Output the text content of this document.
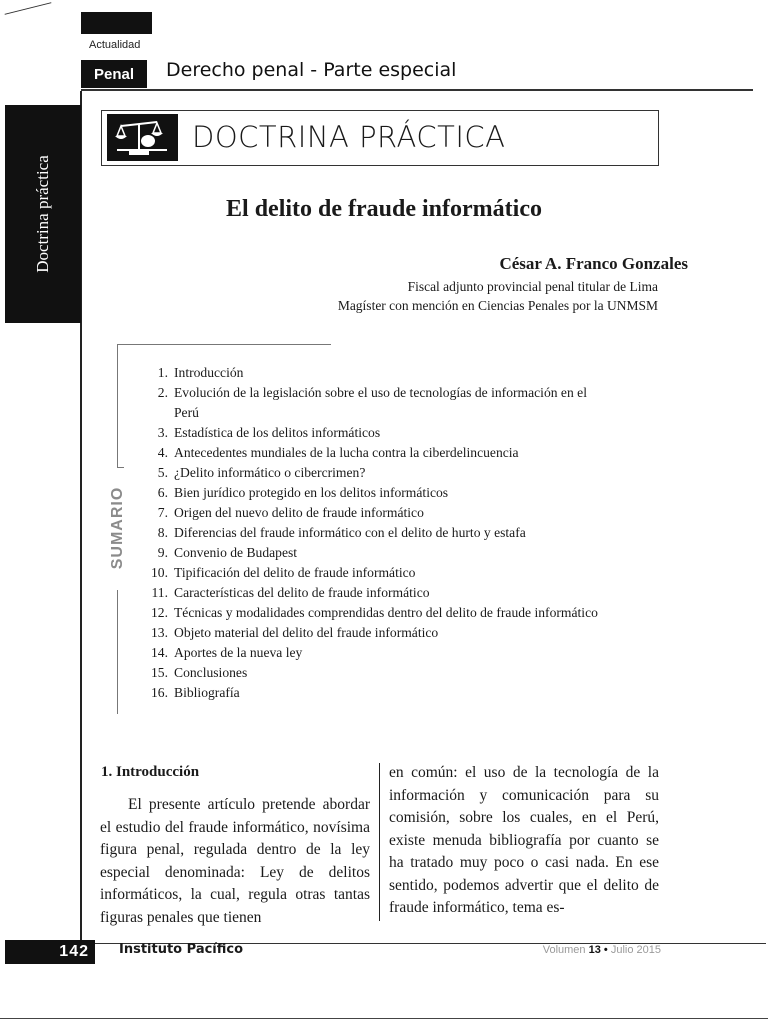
Actualidad
Penal	Derecho penal - Parte especial
Doctrina práctica
DOCTRINA PRÁCTICA
El delito de fraude informático
César A. Franco Gonzales
Fiscal adjunto provincial penal titular de Lima
Magíster con mención en Ciencias Penales por la UNMSM
SUMARIO
1. Introducción
2. Evolución de la legislación sobre el uso de tecnologías de información en el Perú
3. Estadística de los delitos informáticos
4. Antecedentes mundiales de la lucha contra la ciberdelincuencia
5. ¿Delito informático o cibercrimen?
6. Bien jurídico protegido en los delitos informáticos
7. Origen del nuevo delito de fraude informático
8. Diferencias del fraude informático con el delito de hurto y estafa
9. Convenio de Budapest
10. Tipificación del delito de fraude informático
11. Características del delito de fraude informático
12. Técnicas y modalidades comprendidas dentro del delito de fraude informático
13. Objeto material del delito del fraude informático
14. Aportes de la nueva ley
15. Conclusiones
16. Bibliografía
1. Introducción
El presente artículo pretende abordar el estudio del fraude informático, novísima figura penal, regulada dentro de la ley especial denominada: Ley de delitos informáticos, la cual, regula otras tantas figuras penales que tienen
en común: el uso de la tecnología de la información y comunicación para su comisión, sobre los cuales, en el Perú, existe menuda bibliografía por cuanto se ha tratado muy poco o casi nada. En ese sentido, podemos advertir que el delito de fraude informático, tema es-
142	Instituto Pacífico	Volumen 13 • Julio 2015
